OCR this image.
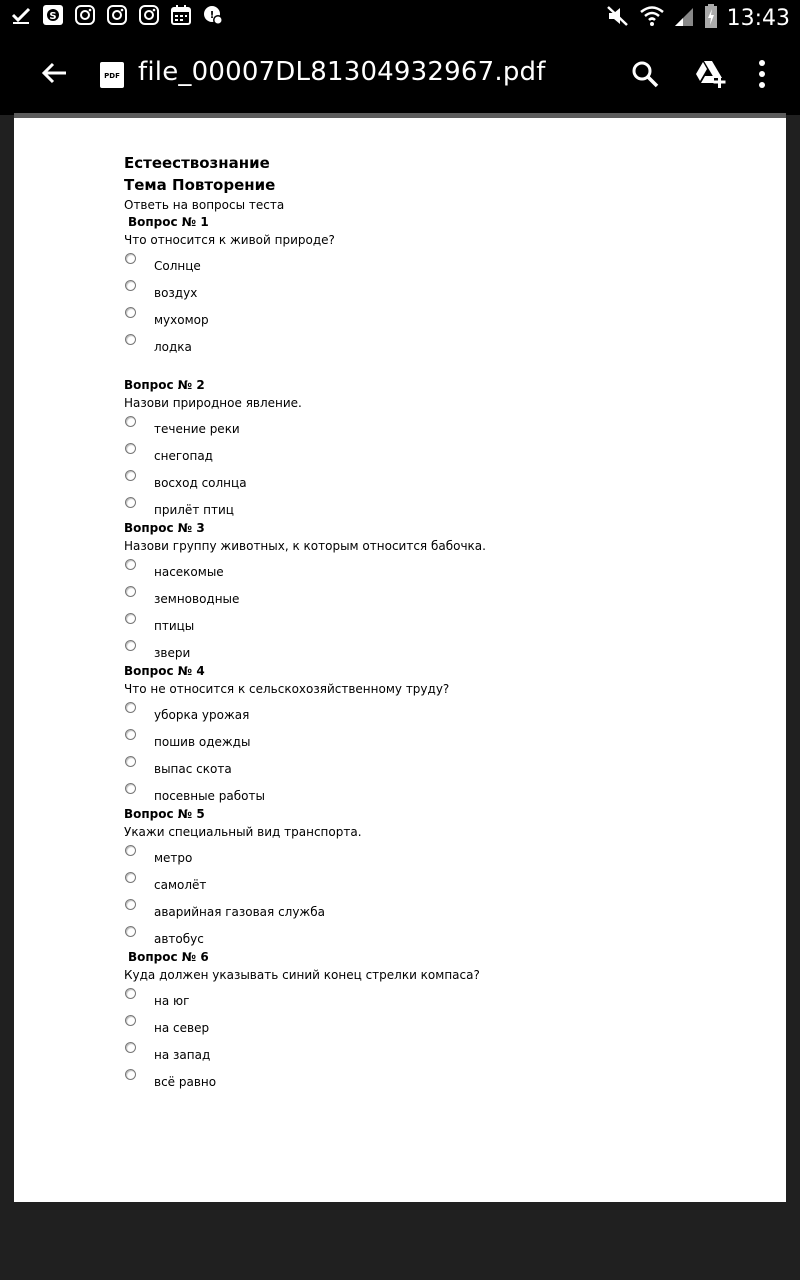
S	!	13:43
PDF file_00007DL81304932967.pdf
Естееcтвознание
Тема Повторение
Ответь на вопросы теста
Вопрос № 1
Что относится к живой природе?
Солнце
воздух
мухомор
лодка
Вопрос № 2
Назови природное явление.
течение реки
снегопад
восход солнца
прилёт птиц
Вопрос № 3
Назови группу животных, к которым относится бабочка.
насекомые
земноводные
птицы
звери
Вопрос № 4
Что не относится к сельскохозяйственному труду?
уборка урожая
пошив одежды
выпас скота
посевные работы
Вопрос № 5
Укажи специальный вид транспорта.
метро
самолёт
аварийная газовая служба
автобус
Вопрос № 6
Куда должен указывать синий конец стрелки компаса?
на юг
на север
на запад
всё равно
